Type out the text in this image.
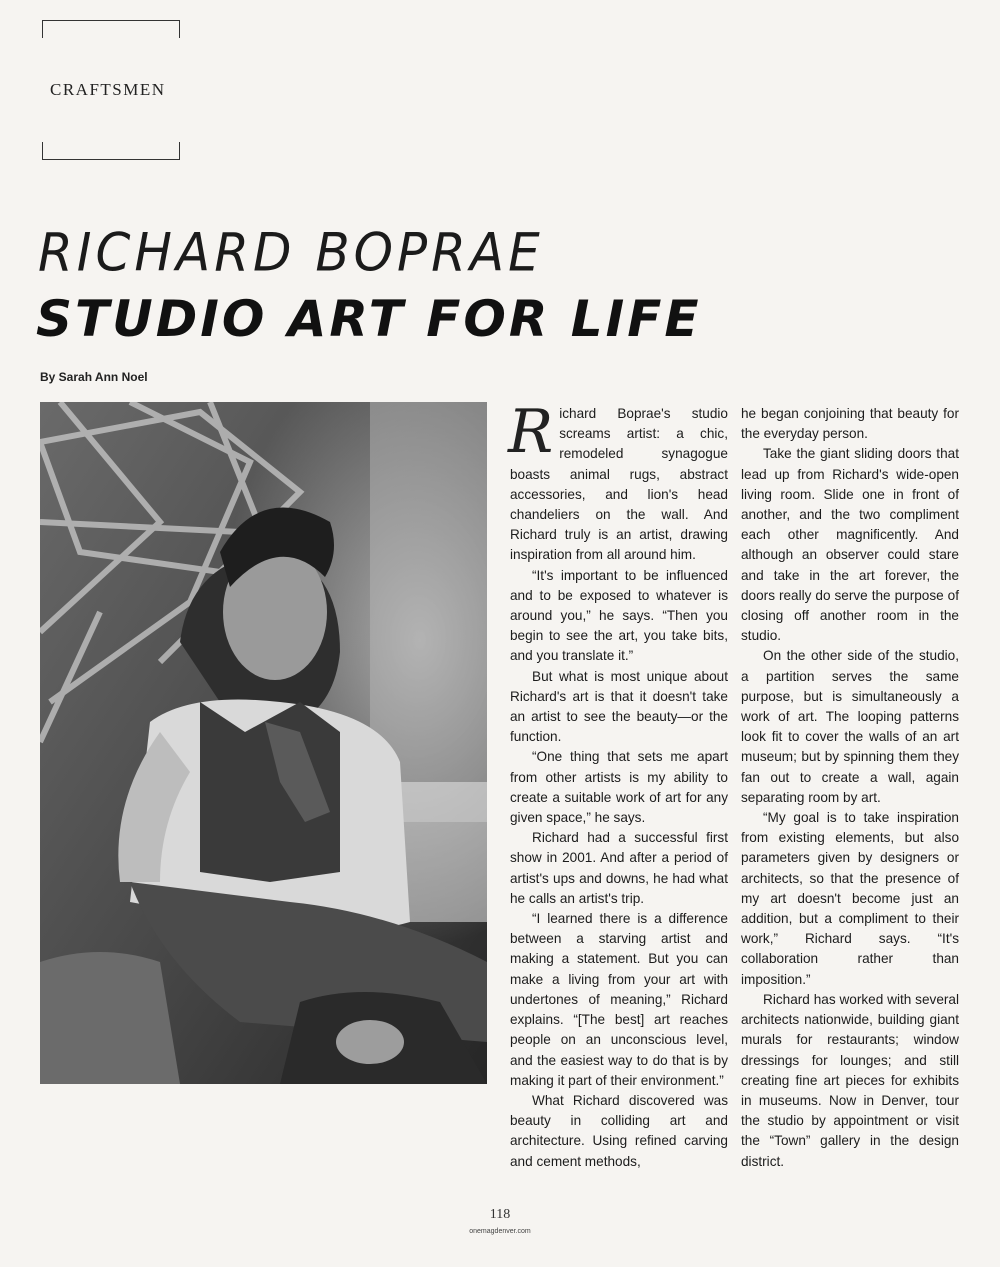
CRAFTSMEN
RICHARD BOPRAE
STUDIO ART FOR LIFE
By Sarah Ann Noel

Richard Boprae's studio screams artist: a chic, remodeled synagogue boasts animal rugs, abstract accessories, and lion's head chandeliers on the wall. And Richard truly is an artist, drawing inspiration from all around him.

“It's important to be influenced and to be exposed to whatever is around you,” he says. “Then you begin to see the art, you take bits, and you translate it.”

But what is most unique about Richard's art is that it doesn't take an artist to see the beauty—or the function.

“One thing that sets me apart from other artists is my ability to create a suitable work of art for any given space,” he says.

Richard had a successful first show in 2001. And after a period of artist's ups and downs, he had what he calls an artist's trip.

“I learned there is a difference between a starving artist and making a statement. But you can make a living from your art with undertones of meaning,” Richard explains. “[The best] art reaches people on an unconscious level, and the easiest way to do that is by making it part of their environment.”

What Richard discovered was beauty in colliding art and architecture. Using refined carving and cement methods,

he began conjoining that beauty for the everyday person.

Take the giant sliding doors that lead up from Richard's wide-open living room. Slide one in front of another, and the two compliment each other magnificently. And although an observer could stare and take in the art forever, the doors really do serve the purpose of closing off another room in the studio.

On the other side of the studio, a partition serves the same purpose, but is simultaneously a work of art. The looping patterns look fit to cover the walls of an art museum; but by spinning them they fan out to create a wall, again separating room by art.

“My goal is to take inspiration from existing elements, but also parameters given by designers or architects, so that the presence of my art doesn't become just an addition, but a compliment to their work,” Richard says. “It's collaboration rather than imposition.”

Richard has worked with several architects nationwide, building giant murals for restaurants; window dressings for lounges; and still creating fine art pieces for exhibits in museums. Now in Denver, tour the studio by appointment or visit the “Town” gallery in the design district.

118
onemagdenver.com
